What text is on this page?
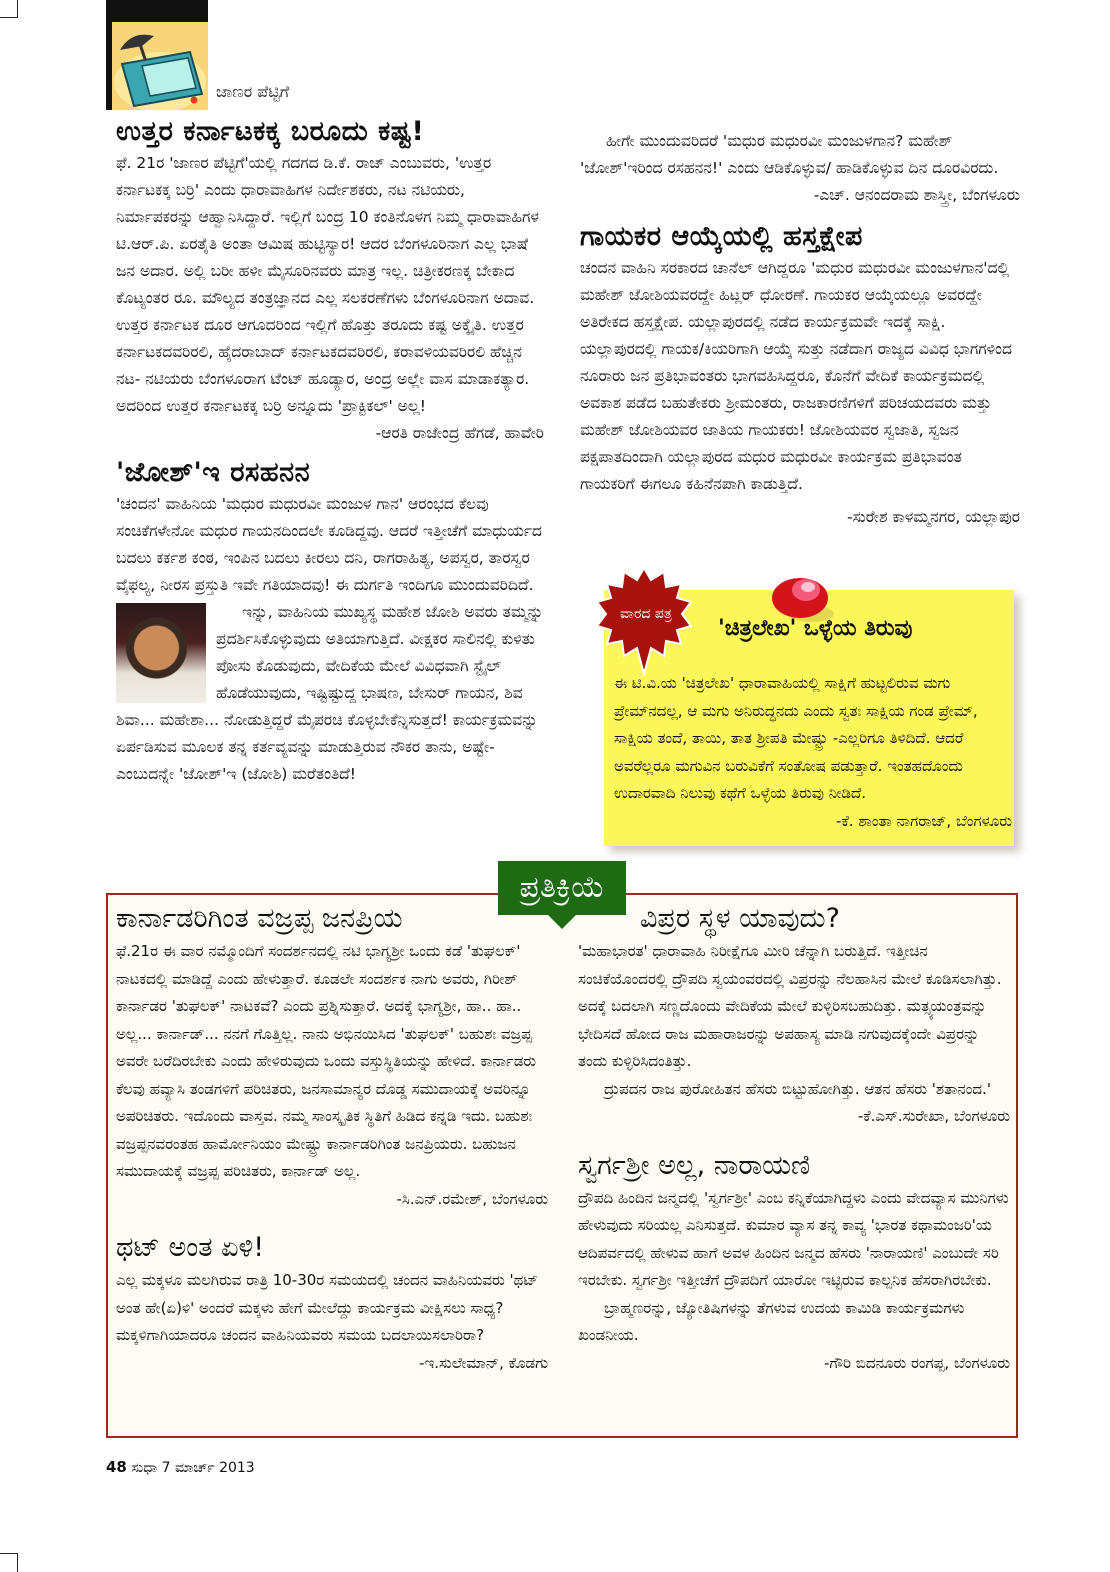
ಜಾಣರ ಪೆಟ್ಟಿಗೆ
ಉತ್ತರ ಕರ್ನಾಟಕಕ್ಕ ಬರೂದು ಕಷ್ಟ!

ಫೆ. 21ರ 'ಜಾಣರ ಪೆಟ್ಟಿಗೆ'ಯಲ್ಲಿ ಗದಗದ ಡಿ.ಕೆ. ರಾಜ್ ಎಂಬುವರು, 'ಉತ್ತರ ಕರ್ನಾಟಕಕ್ಕ ಬರ್ರಿ' ಎಂದು ಧಾರಾವಾಹಿಗಳ ನಿರ್ದೇಶಕರು, ನಟ ನಟಿಯರು, ನಿರ್ಮಾಪಕರನ್ನು ಆಹ್ವಾನಿಸಿದ್ದಾರೆ. ಇಲ್ಲಿಗೆ ಬಂದ್ರ 10 ಕಂತಿನೊಳಗ ನಿಮ್ಮ ಧಾರಾವಾಹಿಗಳ ಟಿ.ಆರ್.ಪಿ. ಏರತೈತಿ ಅಂತಾ ಆಮಿಷ ಹುಟ್ಟಿಸ್ಯಾರ! ಆದರ ಬೆಂಗಳೂರಿನಾಗ ಎಲ್ಲ ಭಾಷೆ ಜನ ಅದಾರ. ಅಲ್ಲಿ ಬರೀ ಹಳೀ ಮೈಸೂರಿನವರು ಮಾತ್ರ ಇಲ್ಲ. ಚಿತ್ರೀಕರಣಕ್ಕ ಬೇಕಾದ ಕೊಟ್ಯಂತರ ರೂ. ಮೌಲ್ಯದ ತಂತ್ರಜ್ಞಾನದ ಎಲ್ಲ ಸಲಕರಣೆಗಳು ಬೆಂಗಳೂರಿನಾಗ ಅದಾವ. ಉತ್ತರ ಕರ್ನಾಟಕ ದೂರ ಆಗೂದರಿಂದ ಇಲ್ಲಿಗೆ ಹೊತ್ತು ತರೂದು ಕಷ್ಟ ಅಕ್ಕೈತಿ. ಉತ್ತರ ಕರ್ನಾಟಕದವರಿರಲಿ, ಹೈದರಾಬಾದ್ ಕರ್ನಾಟಕದವರಿರಲಿ, ಕರಾವಳಿಯವರಿರಲಿ ಹೆಚ್ಚಿನ ನಟ- ನಟಿಯರು ಬೆಂಗಳೂರಾಗ ಟೆಂಟ್ ಹೂಡ್ಯಾರ, ಅಂದ್ರ ಅಲ್ಲೇ ವಾಸ ಮಾಡಾಕತ್ಯಾರ. ಅದರಿಂದ ಉತ್ತರ ಕರ್ನಾಟಕಕ್ಕ ಬರ್ರಿ ಅನ್ನೂದು 'ಪ್ರಾಕ್ಟಿಕಲ್' ಅಲ್ಲ!

-ಆರತಿ ರಾಜೇಂದ್ರ ಹೆಗಡೆ, ಹಾವೇರಿ

'ಜೋಶ್'ಇ ರಸಹನನ

'ಚಂದನ' ವಾಹಿನಿಯ 'ಮಧುರ ಮಧುರವೀ ಮಂಜುಳ ಗಾನ' ಆರಂಭದ ಕೆಲವು ಸಂಚಿಕೆಗಳೇನೋ ಮಧುರ ಗಾಯನದಿಂದಲೇ ಕೂಡಿದ್ದವು. ಆದರೆ ಇತ್ತೀಚೆಗೆ ಮಾಧುರ್ಯದ ಬದಲು ಕರ್ಕಶ ಕಂಠ, ಇಂಪಿನ ಬದಲು ಕೀರಲು ದನಿ, ರಾಗರಾಹಿತ್ಯ, ಅಪಸ್ವರ, ತಾರಸ್ವರ ವೈಫಲ್ಯ, ನೀರಸ ಪ್ರಸ್ತುತಿ ಇವೇ ಗತಿಯಾದವು! ಈ ದುರ್ಗತಿ ಇಂದಿಗೂ ಮುಂದುವರಿದಿದೆ.

ಇನ್ನು, ವಾಹಿನಿಯ ಮುಖ್ಯಸ್ಥ ಮಹೇಶ ಜೋಶಿ ಅವರು ತಮ್ಮನ್ನು ಪ್ರದರ್ಶಿಸಿಕೊಳ್ಳುವುದು ಅತಿಯಾಗುತ್ತಿದೆ. ವೀಕ್ಷಕರ ಸಾಲಿನಲ್ಲಿ ಕುಳಿತು ಪೋಸು ಕೊಡುವುದು, ವೇದಿಕೆಯ ಮೇಲೆ ವಿವಿಧವಾಗಿ ಸ್ಟೈಲ್ ಹೊಡೆಯುವುದು, ಇಷ್ಟಿಷ್ಟುದ್ದ ಭಾಷಣ, ಬೇಸುರ್ ಗಾಯನ, ಶಿವ ಶಿವಾ... ಮಹೇಶಾ... ನೋಡುತ್ತಿದ್ದರೆ ಮೈಪರಚಿ ಕೊಳ್ಳಬೇಕೆನ್ನಿಸುತ್ತದೆ! ಕಾರ್ಯಕ್ರಮವನ್ನು ಏರ್ಪಡಿಸುವ ಮೂಲಕ ತನ್ನ ಕರ್ತವ್ಯವನ್ನು ಮಾಡುತ್ತಿರುವ ನೌಕರ ತಾನು, ಅಷ್ಟೇ- ಎಂಬುದನ್ನೇ 'ಜೋಶ್'ಇ (ಜೋಶಿ) ಮರೆತಂತಿದೆ!

ಹೀಗೇ ಮುಂದುವರಿದರೆ 'ಮಧುರ ಮಧುರವೀ ಮಂಜುಳಗಾನ? ಮಹೇಶ್ 'ಜೋಶ್'ಇರಿಂದ ರಸಹನನ!' ಎಂದು ಆಡಿಕೊಳ್ಳುವ/ ಹಾಡಿಕೊಳ್ಳುವ ದಿನ ದೂರವಿರದು.

-ಎಚ್. ಆನಂದರಾಮ ಶಾಸ್ತ್ರೀ, ಬೆಂಗಳೂರು

ಗಾಯಕರ ಆಯ್ಕೆಯಲ್ಲಿ ಹಸ್ತಕ್ಷೇಪ

ಚಂದನ ವಾಹಿನಿ ಸರಕಾರದ ಚಾನೆಲ್ ಆಗಿದ್ದರೂ 'ಮಧುರ ಮಧುರವೀ ಮಂಜುಳಗಾನ'ದಲ್ಲಿ ಮಹೇಶ್ ಜೋಶಿಯವರದ್ದೇ ಹಿಟ್ಲರ್ ಧೋರಣೆ. ಗಾಯಕರ ಆಯ್ಕೆಯಲ್ಲೂ ಅವರದ್ದೇ ಅತಿರೇಕದ ಹಸ್ತಕ್ಷೇಪ. ಯಲ್ಲಾಪುರದಲ್ಲಿ ನಡೆದ ಕಾರ್ಯಕ್ರಮವೇ ಇದಕ್ಕೆ ಸಾಕ್ಷಿ. ಯಲ್ಲಾಪುರದಲ್ಲಿ ಗಾಯಕ/ಕಿಯರಿಗಾಗಿ ಆಯ್ಕೆ ಸುತ್ತು ನಡೆದಾಗ ರಾಜ್ಯದ ವಿವಿಧ ಭಾಗಗಳಿಂದ ನೂರಾರು ಜನ ಪ್ರತಿಭಾವಂತರು ಭಾಗವಹಿಸಿದ್ದರೂ, ಕೊನೆಗೆ ವೇದಿಕೆ ಕಾರ್ಯಕ್ರಮದಲ್ಲಿ ಅವಕಾಶ ಪಡೆದ ಬಹುತೇಕರು ಶ್ರೀಮಂತರು, ರಾಜಕಾರಣಿಗಳಿಗೆ ಪರಿಚಯದವರು ಮತ್ತು ಮಹೇಶ್ ಜೋಶಿಯವರ ಜಾತಿಯ ಗಾಯಕರು! ಜೋಶಿಯವರ ಸ್ವಜಾತಿ, ಸ್ವಜನ ಪಕ್ಷಪಾತದಿಂದಾಗಿ ಯಲ್ಲಾಪುರದ ಮಧುರ ಮಧುರವೀ ಕಾರ್ಯಕ್ರಮ ಪ್ರತಿಭಾವಂತ ಗಾಯಕರಿಗೆ ಈಗಲೂ ಕಹಿನೆನಪಾಗಿ ಕಾಡುತ್ತಿದೆ.

-ಸುರೇಶ ಕಾಳಮ್ಮನಗರ, ಯಲ್ಲಾಪುರ

ವಾರದ ಪತ್ರ
'ಚಿತ್ರಲೇಖ' ಒಳ್ಳೆಯ ತಿರುವು

ಈ ಟಿ.ವಿ.ಯ 'ಚಿತ್ರಲೇಖ' ಧಾರಾವಾಹಿಯಲ್ಲಿ ಸಾಕ್ಷಿಗೆ ಹುಟ್ಟಲಿರುವ ಮಗು ಪ್ರೇಮ್‌ನದಲ್ಲ, ಆ ಮಗು ಅನಿರುದ್ಧನದು ಎಂದು ಸ್ವತಃ ಸಾಕ್ಷಿಯ ಗಂಡ ಪ್ರೇಮ್, ಸಾಕ್ಷಿಯ ತಂದೆ, ತಾಯಿ, ತಾತ ಶ್ರೀಪತಿ ಮೇಷ್ಟ್ರು -ಎಲ್ಲರಿಗೂ ತಿಳಿದಿದೆ. ಆದರೆ ಅವರೆಲ್ಲರೂ ಮಗುವಿನ ಬರುವಿಕೆಗೆ ಸಂತೋಷ ಪಡುತ್ತಾರೆ. ಇಂತಹದೊಂದು ಉದಾರವಾದಿ ನಿಲುವು ಕಥೆಗೆ ಒಳ್ಳೆಯ ತಿರುವು ನೀಡಿದೆ.

-ಕೆ. ಶಾಂತಾ ನಾಗರಾಜ್, ಬೆಂಗಳೂರು

ಪ್ರತಿಕ್ರಿಯೆ
ಕಾರ್ನಾಡರಿಗಿಂತ ವಜ್ರಪ್ಪ ಜನಪ್ರಿಯ

ಫೆ.21ರ ಈ ವಾರ ನಮ್ಮೊಂದಿಗೆ ಸಂದರ್ಶನದಲ್ಲಿ ನಟಿ ಭಾಗ್ಯಶ್ರೀ ಒಂದು ಕಡೆ 'ತುಘಲಕ್' ನಾಟಕದಲ್ಲಿ ಮಾಡಿದ್ದೆ ಎಂದು ಹೇಳುತ್ತಾರೆ. ಕೂಡಲೇ ಸಂದರ್ಶಕ ನಾಗು ಅವರು, ಗಿರೀಶ್ ಕಾರ್ನಾಡರ 'ತುಘಲಕ್' ನಾಟಕವೆ? ಎಂದು ಪ್ರಶ್ನಿಸುತ್ತಾರೆ. ಅದಕ್ಕೆ ಭಾಗ್ಯಶ್ರೀ, ಹಾ.. ಹಾ.. ಅಲ್ಲ... ಕಾರ್ನಾಡ್... ನನಗೆ ಗೊತ್ತಿಲ್ಲ. ನಾನು ಅಭಿನಯಿಸಿದ 'ತುಘಲಕ್' ಬಹುಶಃ ವಜ್ರಪ್ಪ ಅವರೇ ಬರೆದಿರಬೇಕು ಎಂದು ಹೇಳಿರುವುದು ಒಂದು ವಸ್ತುಸ್ಥಿತಿಯನ್ನು ಹೇಳಿದೆ. ಕಾರ್ನಾಡರು ಕೆಲವು ಹವ್ಯಾಸಿ ತಂಡಗಳಿಗೆ ಪರಿಚಿತರು, ಜನಸಾಮಾನ್ಯರ ದೊಡ್ಡ ಸಮುದಾಯಕ್ಕೆ ಅವರಿನ್ನೂ ಅಪರಿಚಿತರು. ಇದೊಂದು ವಾಸ್ತವ. ನಮ್ಮ ಸಾಂಸ್ಕೃತಿಕ ಸ್ಥಿತಿಗೆ ಹಿಡಿದ ಕನ್ನಡಿ ಇದು. ಬಹುಶಃ ವಜ್ರಪ್ಪನವರಂತಹ ಹಾರ್ಮೋನಿಯಂ ಮೇಷ್ಟ್ರು ಕಾರ್ನಾಡರಿಗಿಂತ ಜನಪ್ರಿಯರು. ಬಹುಜನ ಸಮುದಾಯಕ್ಕೆ ವಜ್ರಪ್ಪ ಪರಿಚಿತರು, ಕಾರ್ನಾಡ್ ಅಲ್ಲ.

-ಸಿ.ಎನ್.ರಮೇಶ್, ಬೆಂಗಳೂರು

ಥಟ್ ಅಂತ ಏಳಿ!

ಎಲ್ಲ ಮಕ್ಕಳೂ ಮಲಗಿರುವ ರಾತ್ರಿ 10-30ರ ಸಮಯದಲ್ಲಿ ಚಂದನ ವಾಹಿನಿಯವರು 'ಥಟ್ ಅಂತ ಹೇ(ಏ)ಳಿ' ಅಂದರೆ ಮಕ್ಕಳು ಹೇಗೆ ಮೇಲೆದ್ದು ಕಾರ್ಯಕ್ರಮ ವೀಕ್ಷಿಸಲು ಸಾಧ್ಯ? ಮಕ್ಕಳಿಗಾಗಿಯಾದರೂ ಚಂದನ ವಾಹಿನಿಯವರು ಸಮಯ ಬದಲಾಯಿಸಲಾರಿರಾ?

-ಇ.ಸುಲೇಮಾನ್, ಕೊಡಗು

ವಿಪ್ರರ ಸ್ಥಳ ಯಾವುದು?

'ಮಹಾಭಾರತ' ಧಾರಾವಾಹಿ ನಿರೀಕ್ಷೆಗೂ ಮೀರಿ ಚೆನ್ನಾಗಿ ಬರುತ್ತಿದೆ. ಇತ್ತೀಚಿನ ಸಂಚಿಕೆಯೊಂದರಲ್ಲಿ ದ್ರೌಪದಿ ಸ್ವಯಂವರದಲ್ಲಿ ವಿಪ್ರರನ್ನು ನೆಲಹಾಸಿನ ಮೇಲೆ ಕೂಡಿಸಲಾಗಿತ್ತು. ಅದಕ್ಕೆ ಬದಲಾಗಿ ಸಣ್ಣದೊಂದು ವೇದಿಕೆಯ ಮೇಲೆ ಕುಳ್ಳಿರಿಸಬಹುದಿತ್ತು. ಮತ್ಸ್ಯಯಂತ್ರವನ್ನು ಭೇದಿಸದೆ ಹೋದ ರಾಜ ಮಹಾರಾಜರನ್ನು ಅಪಹಾಸ್ಯ ಮಾಡಿ ನಗುವುದಕ್ಕೆಂದೇ ವಿಪ್ರರನ್ನು ತಂದು ಕುಳ್ಳಿರಿಸಿದಂತಿತ್ತು.

ದ್ರುಪದನ ರಾಜ ಪುರೋಹಿತನ ಹೆಸರು ಬಿಟ್ಟುಹೋಗಿತ್ತು. ಆತನ ಹೆಸರು 'ಶತಾನಂದ.'

-ಕೆ.ಎಸ್.ಸುರೇಖಾ, ಬೆಂಗಳೂರು

ಸ್ವರ್ಗಶ್ರೀ ಅಲ್ಲ, ನಾರಾಯಣಿ

ದ್ರೌಪದಿ ಹಿಂದಿನ ಜನ್ಮದಲ್ಲಿ 'ಸ್ವರ್ಗಶ್ರೀ' ಎಂಬ ಕನ್ನಿಕೆಯಾಗಿದ್ದಳು ಎಂದು ವೇದವ್ಯಾಸ ಮುನಿಗಳು ಹೇಳುವುದು ಸರಿಯಲ್ಲ ಎನಿಸುತ್ತದೆ. ಕುಮಾರ ವ್ಯಾಸ ತನ್ನ ಕಾವ್ಯ 'ಭಾರತ ಕಥಾಮಂಜರಿ'ಯ ಆದಿಪರ್ವದಲ್ಲಿ ಹೇಳುವ ಹಾಗೆ ಅವಳ ಹಿಂದಿನ ಜನ್ಮದ ಹೆಸರು 'ನಾರಾಯಣಿ' ಎಂಬುದೇ ಸರಿ ಇರಬೇಕು. ಸ್ವರ್ಗಶ್ರೀ ಇತ್ತೀಚೆಗೆ ದ್ರೌಪದಿಗೆ ಯಾರೋ ಇಟ್ಟಿರುವ ಕಾಲ್ಪನಿಕ ಹೆಸರಾಗಿರಬೇಕು.

ಬ್ರಾಹ್ಮಣರನ್ನು, ಜ್ಯೋತಿಷಿಗಳನ್ನು ತೆಗಳುವ ಉದಯ ಕಾಮಿಡಿ ಕಾರ್ಯಕ್ರಮಗಳು ಖಂಡನೀಯ.

-ಗೌರಿ ಬಿದನೂರು ರಂಗಪ್ಪ, ಬೆಂಗಳೂರು

48 ಸುಧಾ 7 ಮಾರ್ಚ್ 2013
